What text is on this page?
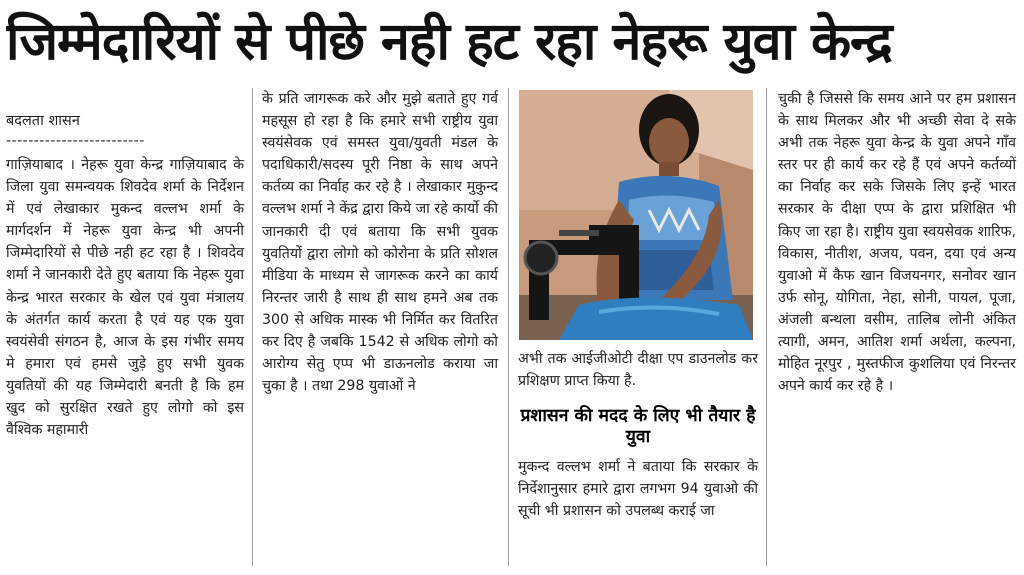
जिम्मेदारियों से पीछे नही हट रहा नेहरू युवा केन्द्र
बदलता शासन
-------------------------

गाज़ियाबाद । नेहरू युवा केन्द्र गाज़ियाबाद के जिला युवा समन्वयक शिवदेव शर्मा के निर्देशन में एवं लेखाकार मुकन्द वल्लभ शर्मा के मार्गदर्शन में नेहरू युवा केन्द्र भी अपनी जिम्मेदारियों से पीछे नही हट रहा है । शिवदेव शर्मा ने जानकारी देते हुए बताया कि नेहरू युवा केन्द्र भारत सरकार के खेल एवं युवा मंत्रालय के अंतर्गत कार्य करता है एवं यह एक युवा स्वयंसेवी संगठन है, आज के इस गंभीर समय मे हमारा एवं हमसे जुड़े हुए सभी युवक युवतियों की यह जिम्मेदारी बनती है कि हम खुद को सुरक्षित रखते हुए लोगो को इस वैश्विक महामारी

के प्रति जागरूक करे और मुझे बताते हुए गर्व महसूस हो रहा है कि हमारे सभी राष्ट्रीय युवा स्वयंसेवक एवं समस्त युवा/युवती मंडल के पदाधिकारी/सदस्य पूरी निष्ठा के साथ अपने कर्तव्य का निर्वाह कर रहे है । लेखाकार मुकुन्द वल्लभ शर्मा ने केंद्र द्वारा किये जा रहे कार्यो की जानकारी दी एवं बताया कि सभी युवक युवतियों द्वारा लोगो को कोरोना के प्रति सोशल मीडिया के माध्यम से जागरूक करने का कार्य निरन्तर जारी है साथ ही साथ हमने अब तक 300 से अधिक मास्क भी निर्मित कर वितरित कर दिए है जबकि 1542 से अधिक लोगो को आरोग्य सेतु एप्प भी डाऊनलोड कराया जा चुका है । तथा 298 युवाओं ने

अभी तक आईजीओटी दीक्षा एप डाउनलोड कर प्रशिक्षण प्राप्त किया है.

प्रशासन की मदद के लिए भी तैयार है युवा

मुकन्द वल्लभ शर्मा ने बताया कि सरकार के निर्देशानुसार हमारे द्वारा लगभग 94 युवाओ की सूची भी प्रशासन को उपलब्ध कराई जा

चुकी है जिससे कि समय आने पर हम प्रशासन के साथ मिलकर और भी अच्छी सेवा दे सके अभी तक नेहरू युवा केन्द्र के युवा अपने गाँव स्तर पर ही कार्य कर रहे हैं एवं अपने कर्तव्यों का निर्वाह कर सके जिसके लिए इन्हें भारत सरकार के दीक्षा एप्प के द्वारा प्रशिक्षित भी किए जा रहा है। राष्ट्रीय युवा स्वयसेवक शारिफ, विकास, नीतीश, अजय, पवन, दया एवं अन्य युवाओ में कैफ खान विजयनगर, सनोवर खान उर्फ सोनू, योगिता, नेहा, सोनी, पायल, पूजा, अंजली बन्थला वसीम, तालिब लोनी अंकित त्यागी, अमन, आतिश शर्मा अर्थला, कल्पना, मोहित नूरपुर , मुस्तफीज कुशलिया एवं निरन्तर अपने कार्य कर रहे है ।
